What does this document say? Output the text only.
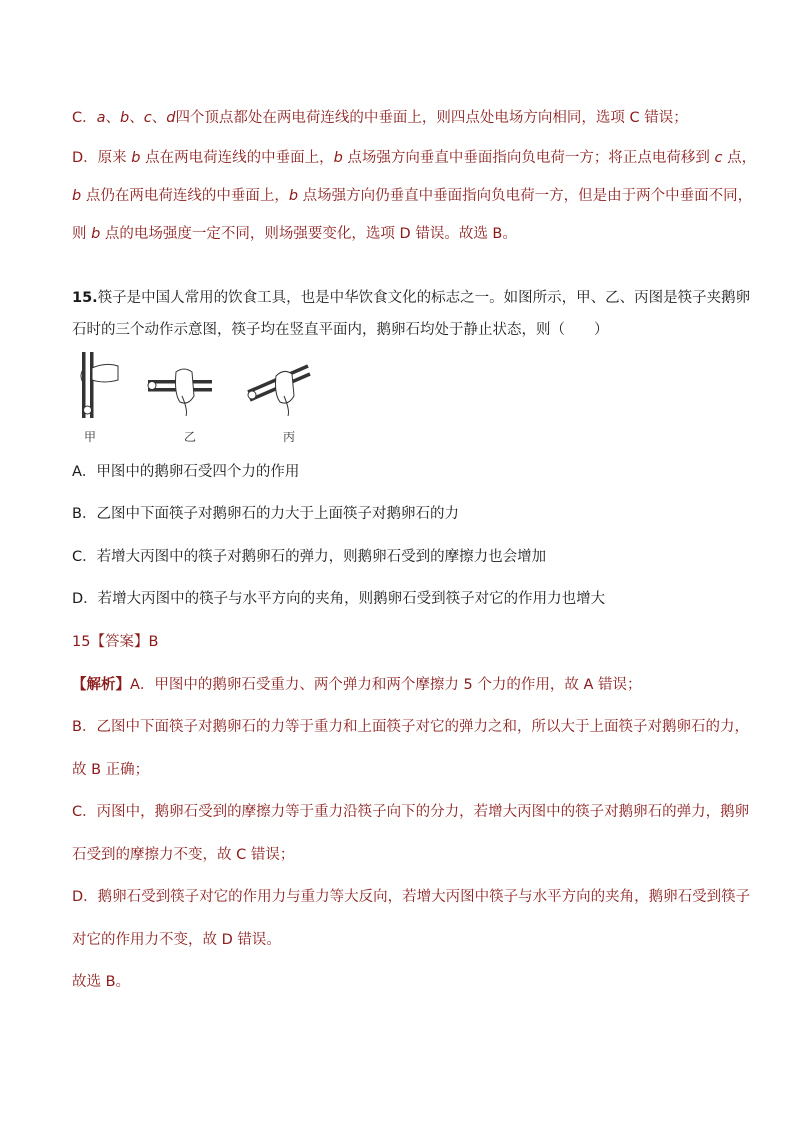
C．a、b、c、d四个顶点都处在两电荷连线的中垂面上，则四点处电场方向相同，选项 C 错误；

D．原来 b 点在两电荷连线的中垂面上，b 点场强方向垂直中垂面指向负电荷一方；将正点电荷移到 c 点，

b 点仍在两电荷连线的中垂面上，b 点场强方向仍垂直中垂面指向负电荷一方，但是由于两个中垂面不同，

则 b 点的电场强度一定不同，则场强要变化，选项 D 错误。故选 B。

15.筷子是中国人常用的饮食工具，也是中华饮食文化的标志之一。如图所示，甲、乙、丙图是筷子夹鹅卵

石时的三个动作示意图，筷子均在竖直平面内，鹅卵石均处于静止状态，则（　　）

甲	乙	丙

A．甲图中的鹅卵石受四个力的作用

B．乙图中下面筷子对鹅卵石的力大于上面筷子对鹅卵石的力

C．若增大丙图中的筷子对鹅卵石的弹力，则鹅卵石受到的摩擦力也会增加

D．若增大丙图中的筷子与水平方向的夹角，则鹅卵石受到筷子对它的作用力也增大

15【答案】B

【解析】A．甲图中的鹅卵石受重力、两个弹力和两个摩擦力 5 个力的作用，故 A 错误；

B．乙图中下面筷子对鹅卵石的力等于重力和上面筷子对它的弹力之和，所以大于上面筷子对鹅卵石的力，

故 B 正确；

C．丙图中，鹅卵石受到的摩擦力等于重力沿筷子向下的分力，若增大丙图中的筷子对鹅卵石的弹力，鹅卵

石受到的摩擦力不变，故 C 错误；

D．鹅卵石受到筷子对它的作用力与重力等大反向，若增大丙图中筷子与水平方向的夹角，鹅卵石受到筷子

对它的作用力不变，故 D 错误。

故选 B。
